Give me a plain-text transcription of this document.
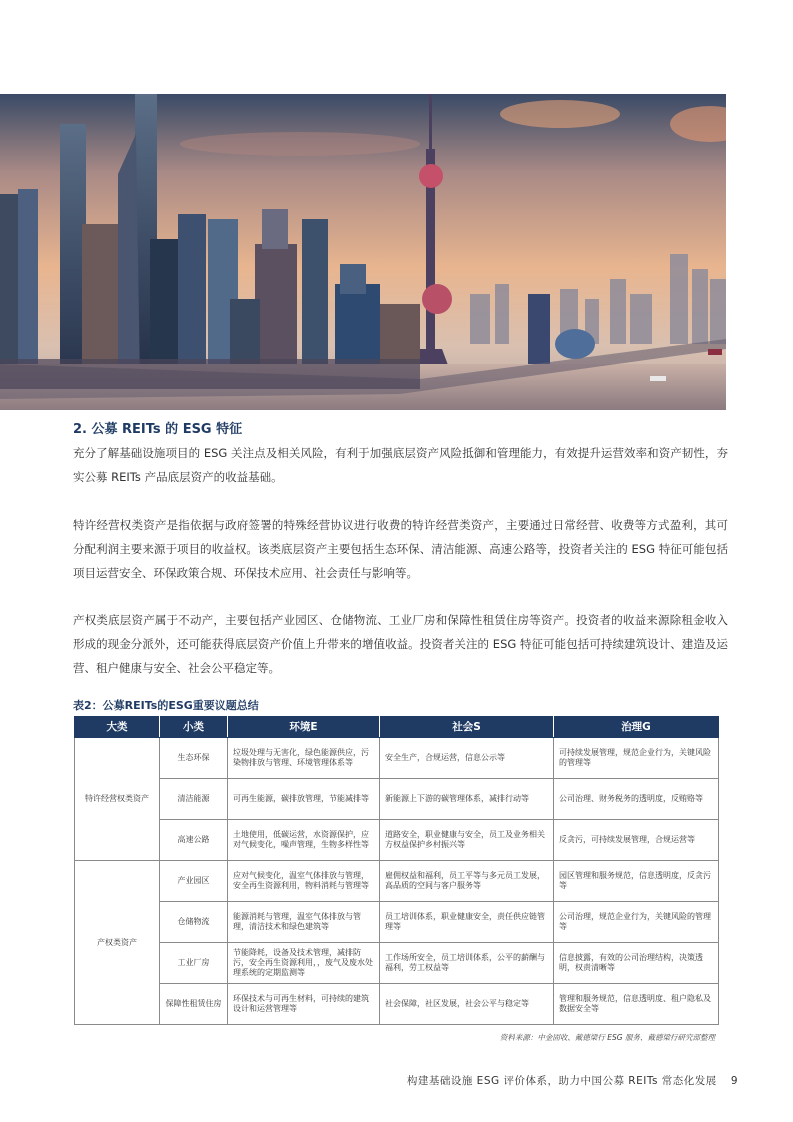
2. 公募 REITs 的 ESG 特征
充分了解基础设施项目的 ESG 关注点及相关风险，有利于加强底层资产风险抵御和管理能力，有效提升运营效率和资产韧性，夯实公募 REITs 产品底层资产的收益基础。
特许经营权类资产是指依据与政府签署的特殊经营协议进行收费的特许经营类资产，主要通过日常经营、收费等方式盈利，其可分配利润主要来源于项目的收益权。该类底层资产主要包括生态环保、清洁能源、高速公路等，投资者关注的 ESG 特征可能包括项目运营安全、环保政策合规、环保技术应用、社会责任与影响等。
产权类底层资产属于不动产，主要包括产业园区、仓储物流、工业厂房和保障性租赁住房等资产。投资者的收益来源除租金收入形成的现金分派外，还可能获得底层资产价值上升带来的增值收益。投资者关注的 ESG 特征可能包括可持续建筑设计、建造及运营、租户健康与安全、社会公平稳定等。
表2：公募REITs的ESG重要议题总结
大类	小类	环境E	社会S	治理G
特许经营权类资产	生态环保	垃圾处理与无害化，绿色能源供应，污染物排放与管理、环境管理体系等	安全生产，合规运营，信息公示等	可持续发展管理，规范企业行为，关键风险的管理等
	清洁能源	可再生能源，碳排放管理，节能减排等	新能源上下游的碳管理体系，减排行动等	公司治理、财务税务的透明度，反贿赂等
	高速公路	土地使用，低碳运营，水资源保护，应对气候变化，噪声管理，生物多样性等	道路安全，职业健康与安全，员工及业务相关方权益保护乡村振兴等	反贪污，可持续发展管理，合规运营等
产权类资产	产业园区	应对气候变化，温室气体排放与管理，安全再生资源利用，物料消耗与管理等	雇佣权益和福利，员工平等与多元员工发展，高品质的空间与客户服务等	园区管理和服务规范，信息透明度，反贪污等
	仓储物流	能源消耗与管理，温室气体排放与管理，清洁技术和绿色建筑等	员工培训体系，职业健康安全，责任供应链管理等	公司治理，规范企业行为，关键风险的管理等
	工业厂房	节能降耗，设备及技术管理，减排防污，安全再生资源利用，，废气及废水处理系统的定期监测等	工作场所安全，员工培训体系，公平的薪酬与福利，劳工权益等	信息披露，有效的公司治理结构，决策透明，权责清晰等
	保障性租赁住房	环保技术与可再生材料，可持续的建筑设计和运营管理等	社会保障，社区发展，社会公平与稳定等	管理和服务规范，信息透明度、租户隐私及数据安全等
资料来源：中金固收、戴德梁行 ESG 服务、戴德梁行研究部整理
构建基础设施 ESG 评价体系，助力中国公募 REITs 常态化发展 9
